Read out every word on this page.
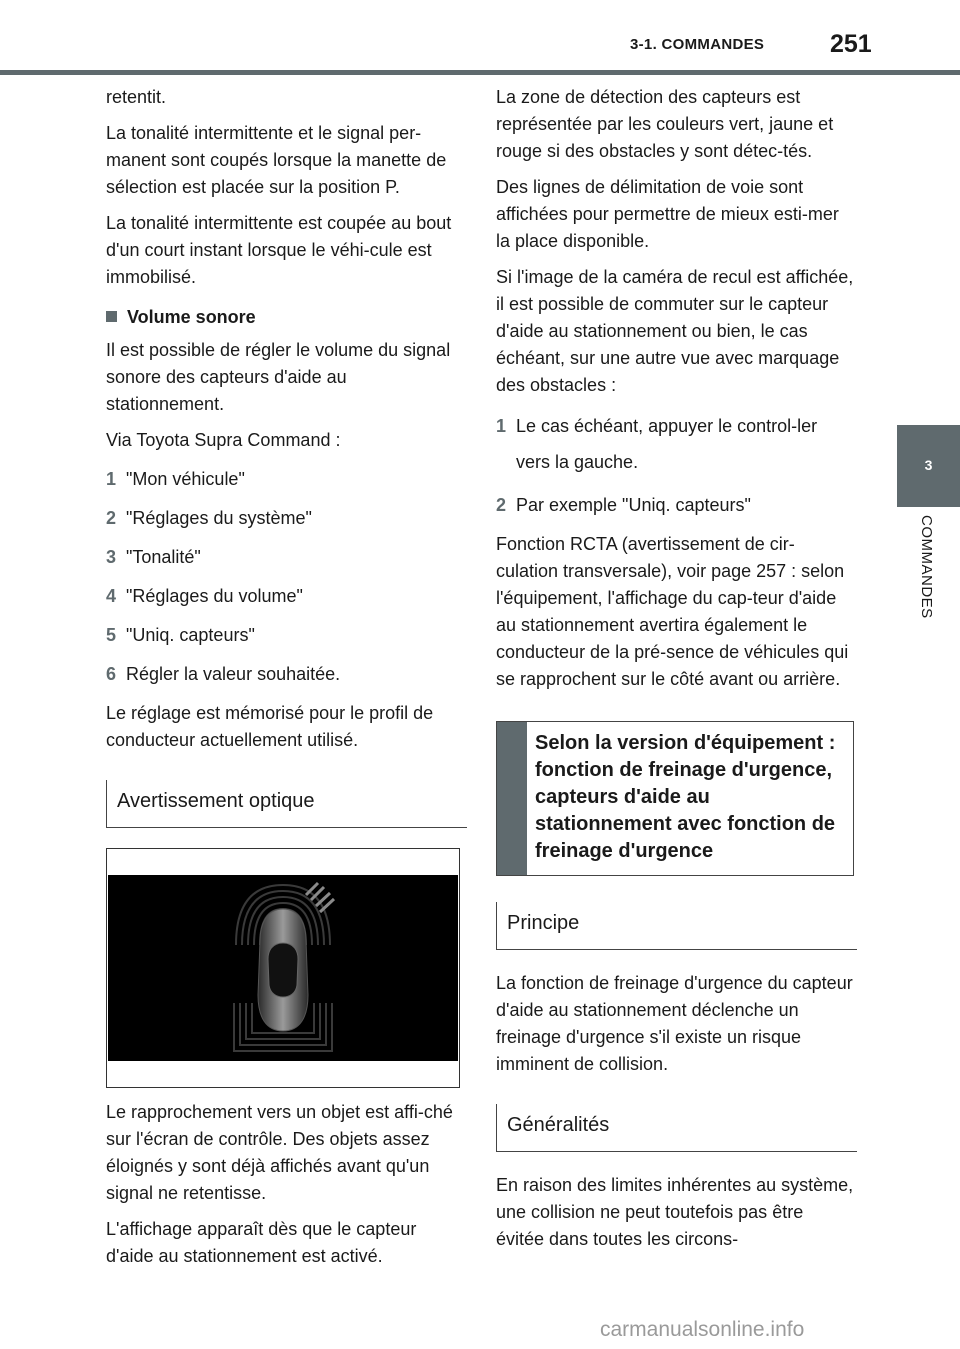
3-1. COMMANDES	251
3
COMMANDES

retentit.

La tonalité intermittente et le signal per-manent sont coupés lorsque la manette de sélection est placée sur la position P.

La tonalité intermittente est coupée au bout d'un court instant lorsque le véhi-cule est immobilisé.

Volume sonore

Il est possible de régler le volume du signal sonore des capteurs d'aide au stationnement.

Via Toyota Supra Command :

1 "Mon véhicule"
2 "Réglages du système"
3 "Tonalité"
4 "Réglages du volume"
5 "Uniq. capteurs"
6 Régler la valeur souhaitée.

Le réglage est mémorisé pour le profil de conducteur actuellement utilisé.

Avertissement optique

Le rapprochement vers un objet est affi-ché sur l'écran de contrôle. Des objets assez éloignés y sont déjà affichés avant qu'un signal ne retentisse.

L'affichage apparaît dès que le capteur d'aide au stationnement est activé.

La zone de détection des capteurs est représentée par les couleurs vert, jaune et rouge si des obstacles y sont détec-tés.

Des lignes de délimitation de voie sont affichées pour permettre de mieux esti-mer la place disponible.

Si l'image de la caméra de recul est affichée, il est possible de commuter sur le capteur d'aide au stationnement ou bien, le cas échéant, sur une autre vue avec marquage des obstacles :

1 Le cas échéant, appuyer le control-ler vers la gauche.
2 Par exemple "Uniq. capteurs"

Fonction RCTA (avertissement de cir-culation transversale), voir page 257 : selon l'équipement, l'affichage du cap-teur d'aide au stationnement avertira également le conducteur de la pré-sence de véhicules qui se rapprochent sur le côté avant ou arrière.

Selon la version d'équipement : fonction de freinage d'urgence, capteurs d'aide au stationnement avec fonction de freinage d'urgence
Principe

La fonction de freinage d'urgence du capteur d'aide au stationnement déclenche un freinage d'urgence s'il existe un risque imminent de collision.

Généralités

En raison des limites inhérentes au système, une collision ne peut toutefois pas être évitée dans toutes les circons-

carmanualsonline.info
